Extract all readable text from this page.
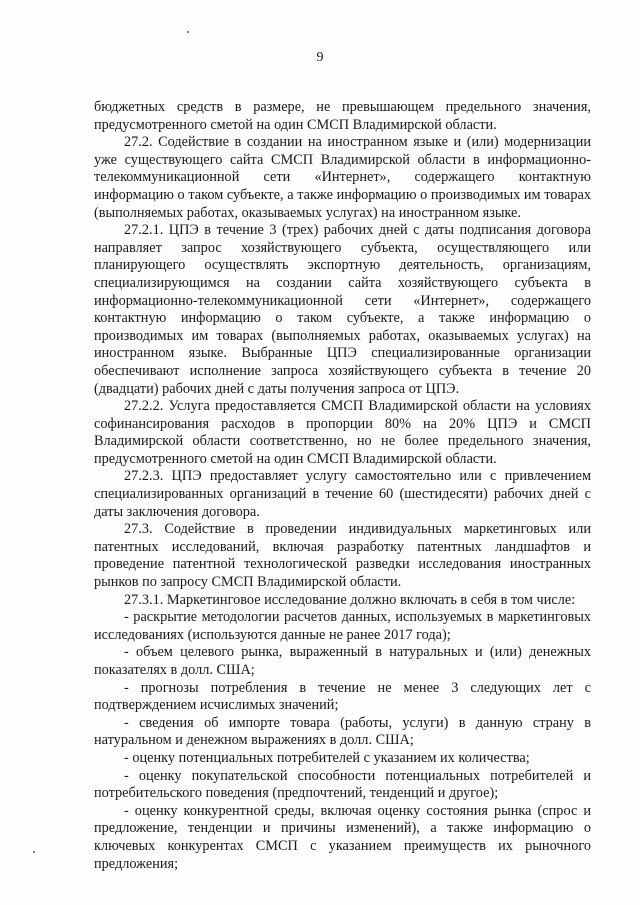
9

бюджетных средств в размере, не превышающем предельного значения, предусмотренного сметой на один СМСП Владимирской области.

27.2. Содействие в создании на иностранном языке и (или) модернизации уже существующего сайта СМСП Владимирской области в информационно-телекоммуникационной сети «Интернет», содержащего контактную информацию о таком субъекте, а также информацию о производимых им товарах (выполняемых работах, оказываемых услугах) на иностранном языке.

27.2.1. ЦПЭ в течение 3 (трех) рабочих дней с даты подписания договора направляет запрос хозяйствующего субъекта, осуществляющего или планирующего осуществлять экспортную деятельность, организациям, специализирующимся на создании сайта хозяйствующего субъекта в информационно-телекоммуникационной сети «Интернет», содержащего контактную информацию о таком субъекте, а также информацию о производимых им товарах (выполняемых работах, оказываемых услугах) на иностранном языке. Выбранные ЦПЭ специализированные организации обеспечивают исполнение запроса хозяйствующего субъекта в течение 20 (двадцати) рабочих дней с даты получения запроса от ЦПЭ.

27.2.2. Услуга предоставляется СМСП Владимирской области на условиях софинансирования расходов в пропорции 80% на 20% ЦПЭ и СМСП Владимирской области соответственно, но не более предельного значения, предусмотренного сметой на один СМСП Владимирской области.

27.2.3. ЦПЭ предоставляет услугу самостоятельно или с привлечением специализированных организаций в течение 60 (шестидесяти) рабочих дней с даты заключения договора.

27.3. Содействие в проведении индивидуальных маркетинговых или патентных исследований, включая разработку патентных ландшафтов и проведение патентной технологической разведки исследования иностранных рынков по запросу СМСП Владимирской области.

27.3.1. Маркетинговое исследование должно включать в себя в том числе:

- раскрытие методологии расчетов данных, используемых в маркетинговых исследованиях (используются данные не ранее 2017 года);

- объем целевого рынка, выраженный в натуральных и (или) денежных показателях в долл. США;

- прогнозы потребления в течение не менее 3 следующих лет с подтверждением исчислимых значений;

- сведения об импорте товара (работы, услуги) в данную страну в натуральном и денежном выражениях в долл. США;

- оценку потенциальных потребителей с указанием их количества;

- оценку покупательской способности потенциальных потребителей и потребительского поведения (предпочтений, тенденций и другое);

- оценку конкурентной среды, включая оценку состояния рынка (спрос и предложение, тенденции и причины изменений), а также информацию о ключевых конкурентах СМСП с указанием преимуществ их рыночного предложения;
